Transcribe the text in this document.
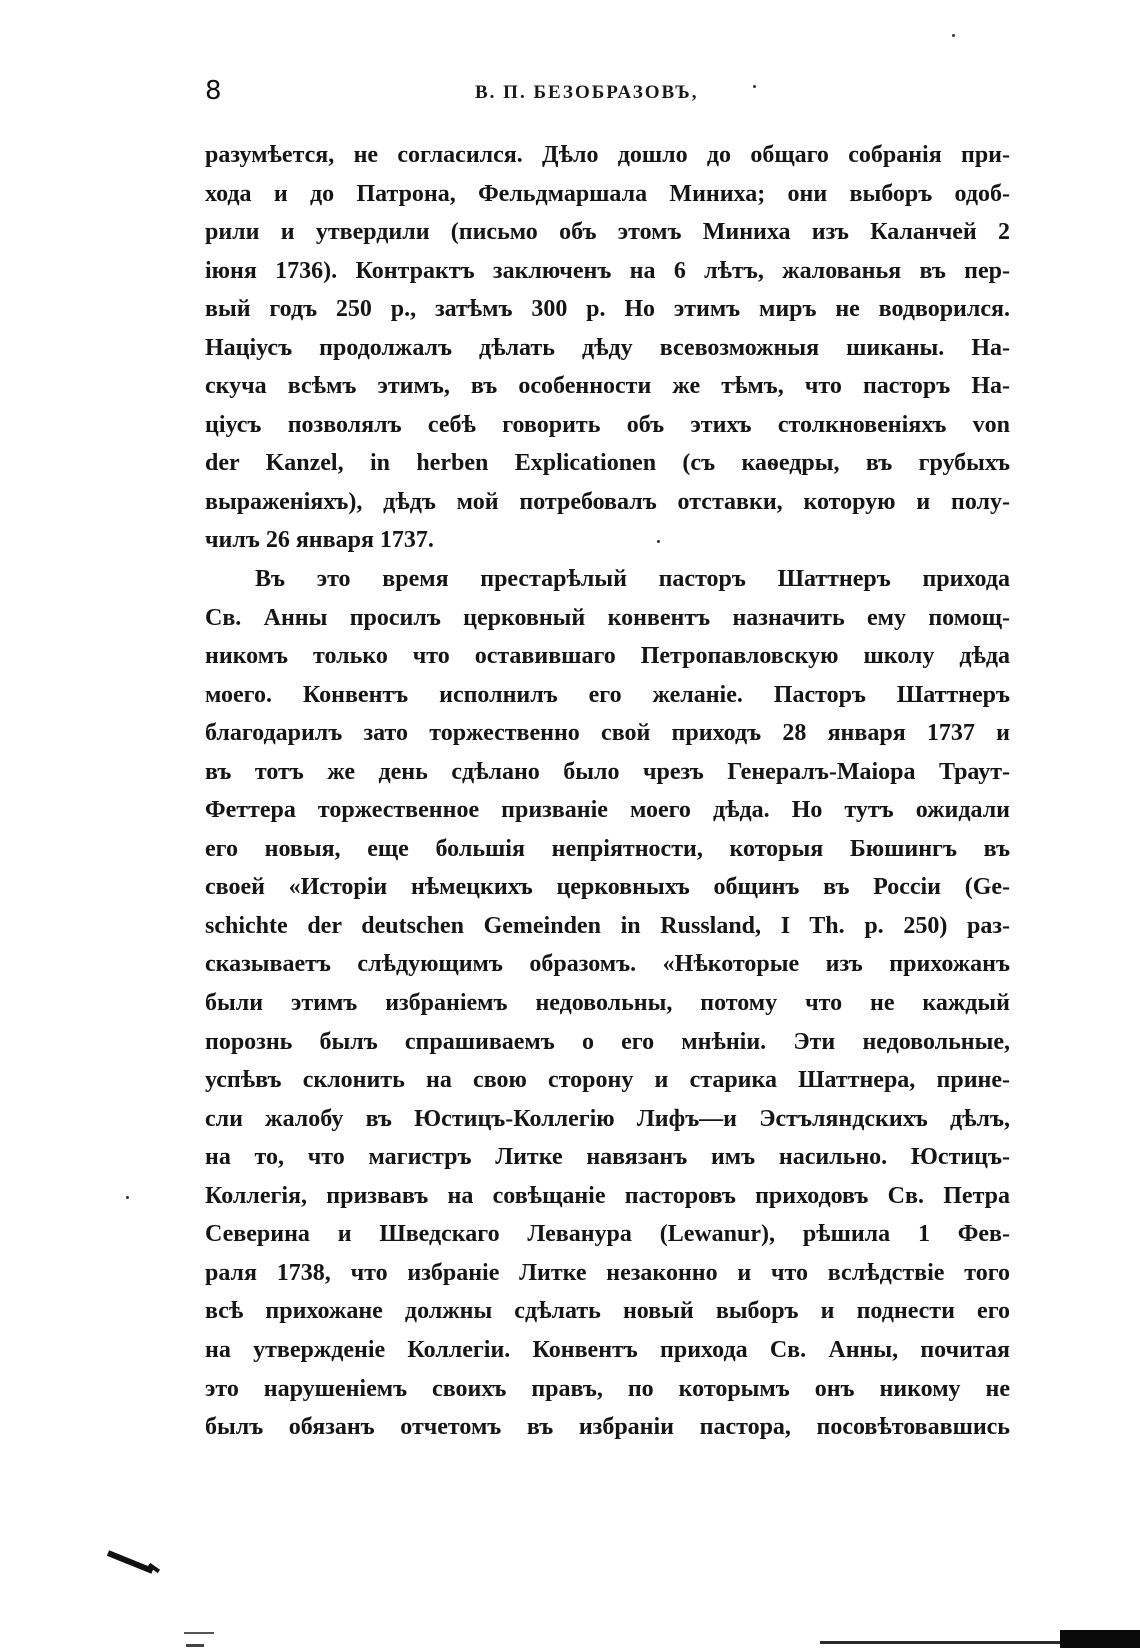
8	В. П. БЕЗОБРАЗОВЪ,
разумѣется, не согласился. Дѣло дошло до общаго собранія при-
хода и до Патрона, Фельдмаршала Миниха; они выборъ одоб-
рили и утвердили (письмо объ этомъ Миниха изъ Каланчей 2
іюня 1736). Контрактъ заключенъ на 6 лѣтъ, жалованья въ пер-
вый годъ 250 р., затѣмъ 300 р. Но этимъ миръ не водворился.
Нацiусъ продолжалъ дѣлать дѣду всевозможныя шиканы. На-
скуча всѣмъ этимъ, въ особенности же тѣмъ, что пасторъ На-
ціусъ позволялъ себѣ говорить объ этихъ столкновеніяхъ von
der Kanzel, in herben Explicationen (съ каѳедры, въ грубыхъ
выраженіяхъ), дѣдъ мой потребовалъ отставки, которую и полу-
чилъ 26 января 1737.
Въ это время престарѣлый пасторъ Шаттнеръ прихода
Св. Анны просилъ церковный конвентъ назначить ему помощ-
никомъ только что оставившаго Петропавловскую школу дѣда
моего. Конвентъ исполнилъ его желаніе. Пасторъ Шаттнеръ
благодарилъ зато торжественно свой приходъ 28 января 1737 и
въ тотъ же день сдѣлано было чрезъ Генералъ-Маіора Траут-
Феттера торжественное призваніе моего дѣда. Но тутъ ожидали
его новыя, еще большія непріятности, которыя Бюшингъ въ
своей «Исторіи нѣмецкихъ церковныхъ общинъ въ Россіи (Ge-
schichte der deutschen Gemeinden in Russland, I Th. p. 250) раз-
сказываетъ слѣдующимъ образомъ. «Нѣкоторые изъ прихожанъ
были этимъ избраніемъ недовольны, потому что не каждый
порознь былъ спрашиваемъ о его мнѣніи. Эти недовольные,
успѣвъ склонить на свою сторону и старика Шаттнера, прине-
сли жалобу въ Юстицъ-Коллегію Лифъ—и Эстъляндскихъ дѣлъ,
на то, что магистръ Литке навязанъ имъ насильно. Юстицъ-
Коллегія, призвавъ на совѣщаніе пасторовъ приходовъ Св. Петра
Северина и Шведскаго Леванура (Lewanur), рѣшила 1 Фев-
раля 1738, что избраніе Литке незаконно и что вслѣдствіе того
всѣ прихожане должны сдѣлать новый выборъ и поднести его
на утвержденіе Коллегіи. Конвентъ прихода Св. Анны, почитая
это нарушеніемъ своихъ правъ, по которымъ онъ никому не
былъ обязанъ отчетомъ въ избраніи пастора, посовѣтовавшись
